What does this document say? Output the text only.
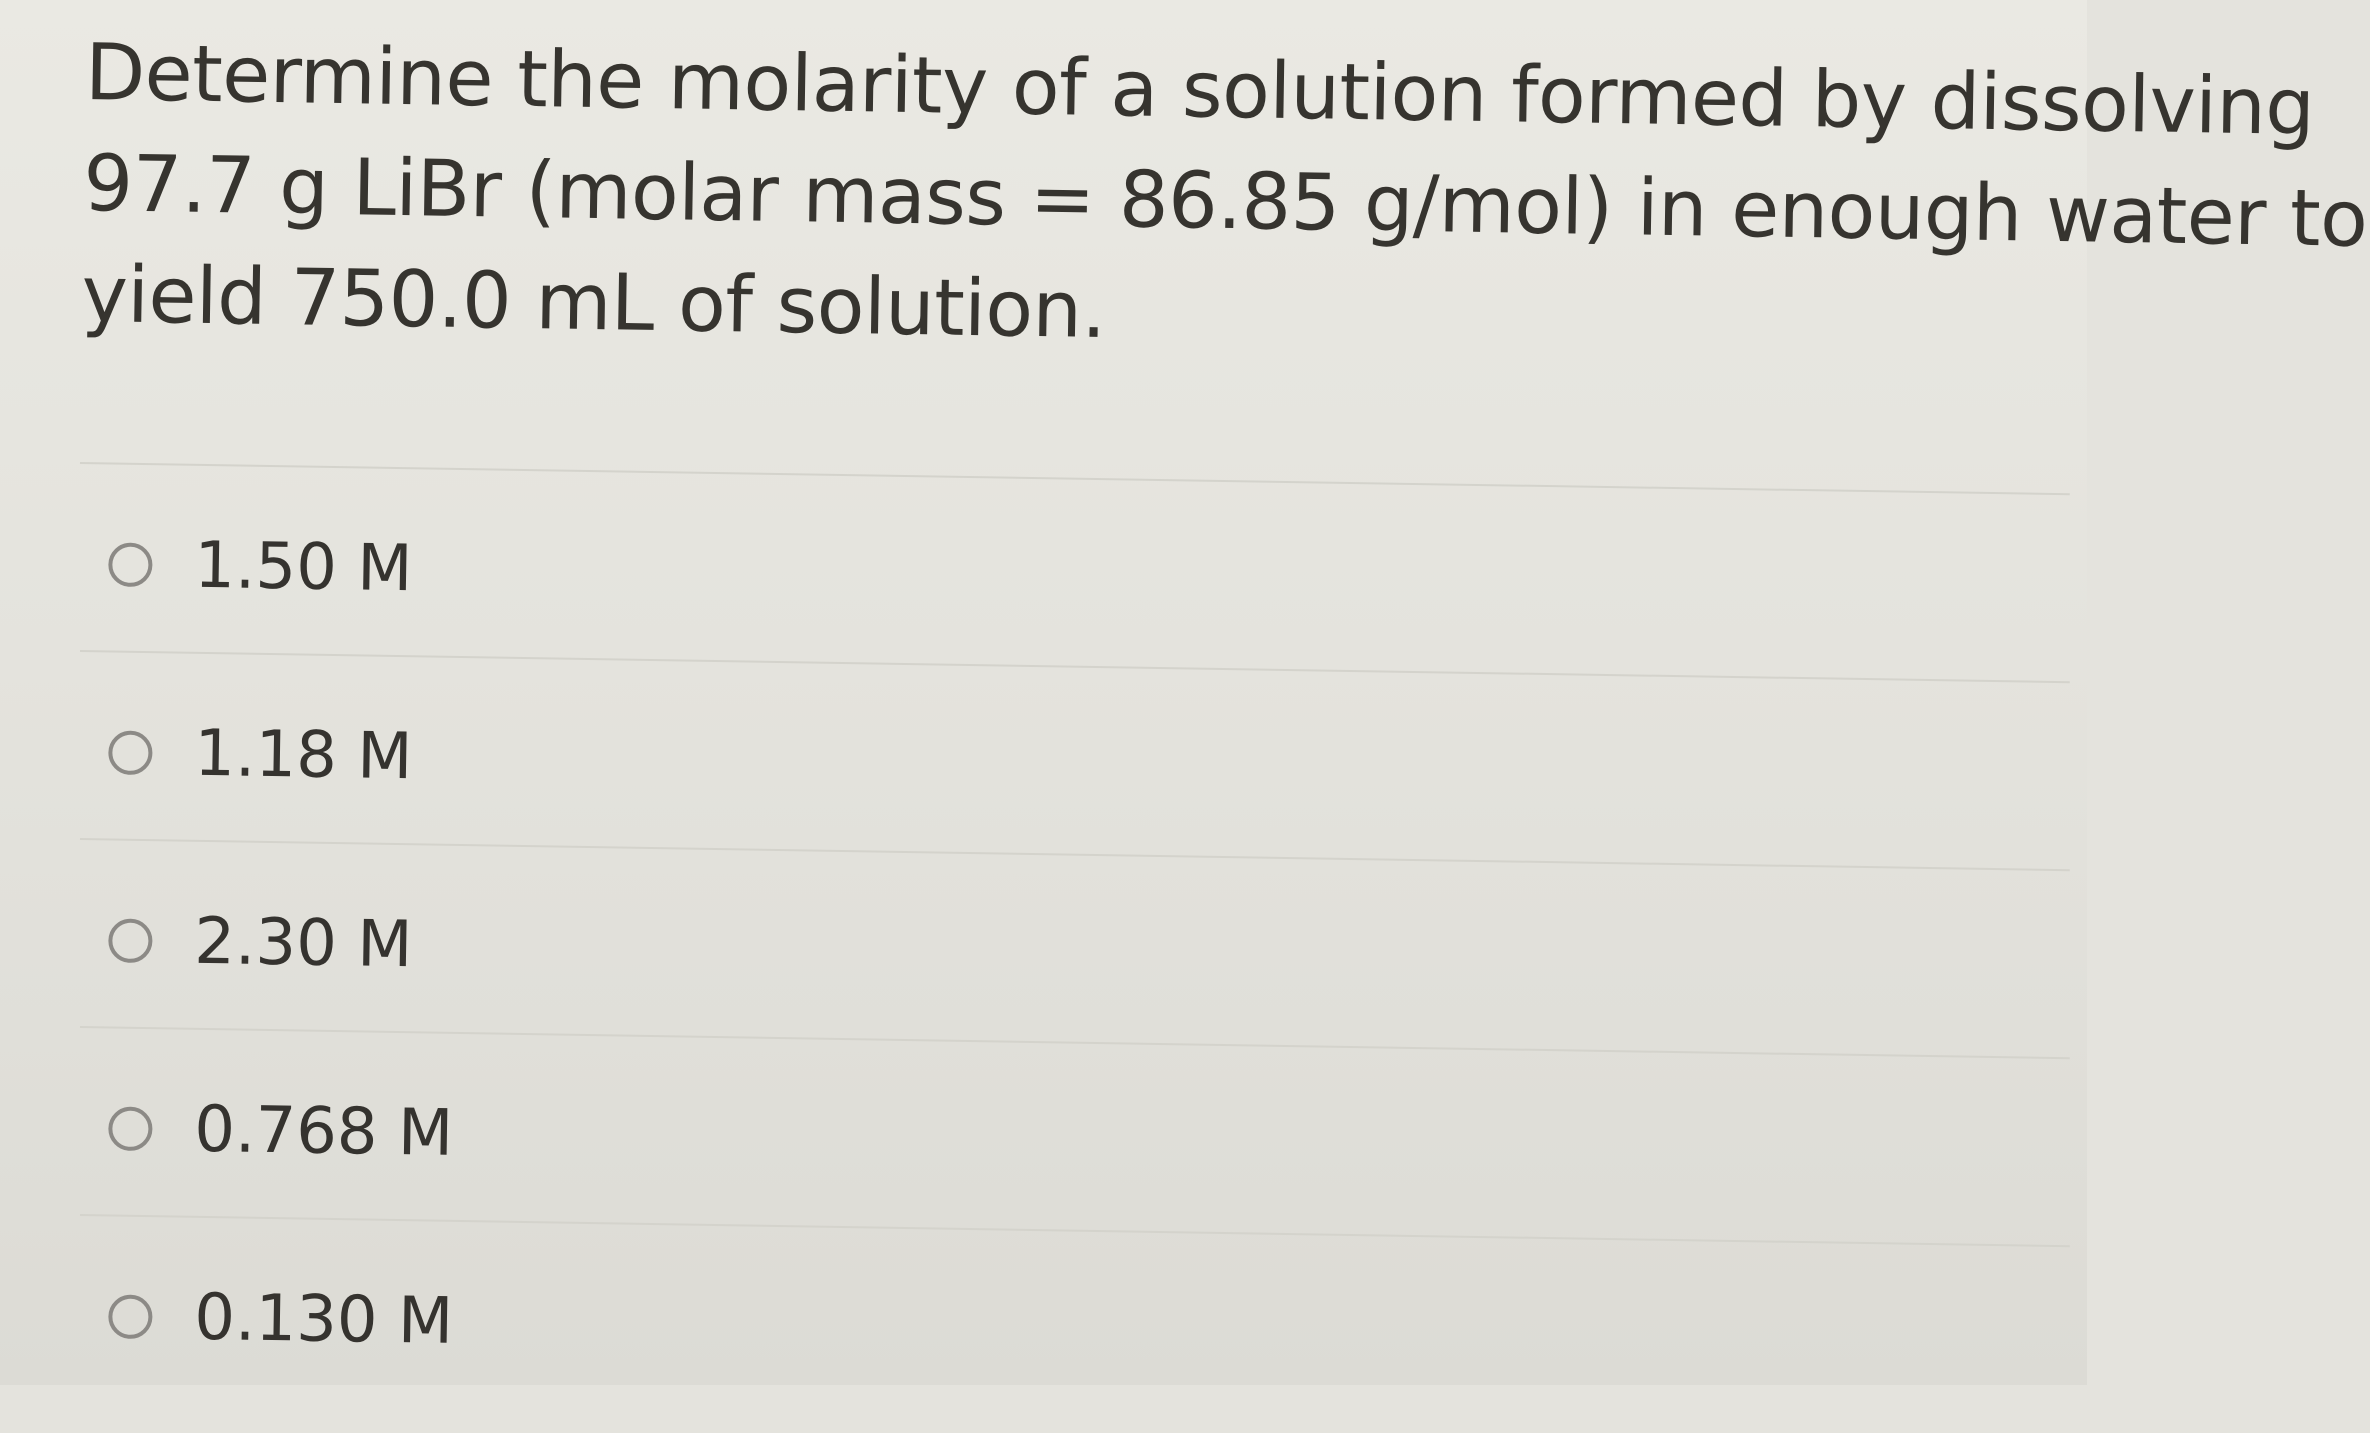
Determine the molarity of a solution formed by dissolving
97.7 g LiBr (molar mass = 86.85 g/mol) in enough water to
yield 750.0 mL of solution.
1.50 M
1.18 M
2.30 M
0.768 M
0.130 M
